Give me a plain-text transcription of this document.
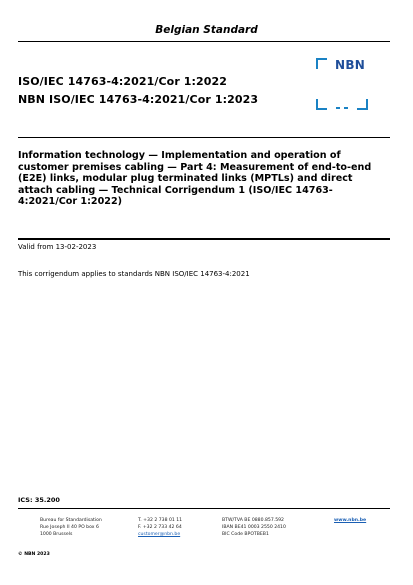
Belgian Standard
ISO/IEC 14763-4:2021/Cor 1:2022
NBN ISO/IEC 14763-4:2021/Cor 1:2023
NBN
Information technology — Implementation and operation of customer premises cabling — Part 4: Measurement of end-to-end (E2E) links, modular plug terminated links (MPTLs) and direct attach cabling — Technical Corrigendum 1 (ISO/IEC 14763-4:2021/Cor 1:2022)
Valid from 13-02-2023
This corrigendum applies to standards NBN ISO/IEC 14763-4:2021
ICS: 35.200
Bureau for Standardisation
Rue Joseph II 40 PO box 6
1000 Brussels
T. +32 2 738 01 11
F. +32 2 733 42 64
customer@nbn.be
BTW/TVA BE 0880.857.592
IBAN BE41 0003 2550 2410
BIC Code BPOTBEB1
www.nbn.be
© NBN 2023
